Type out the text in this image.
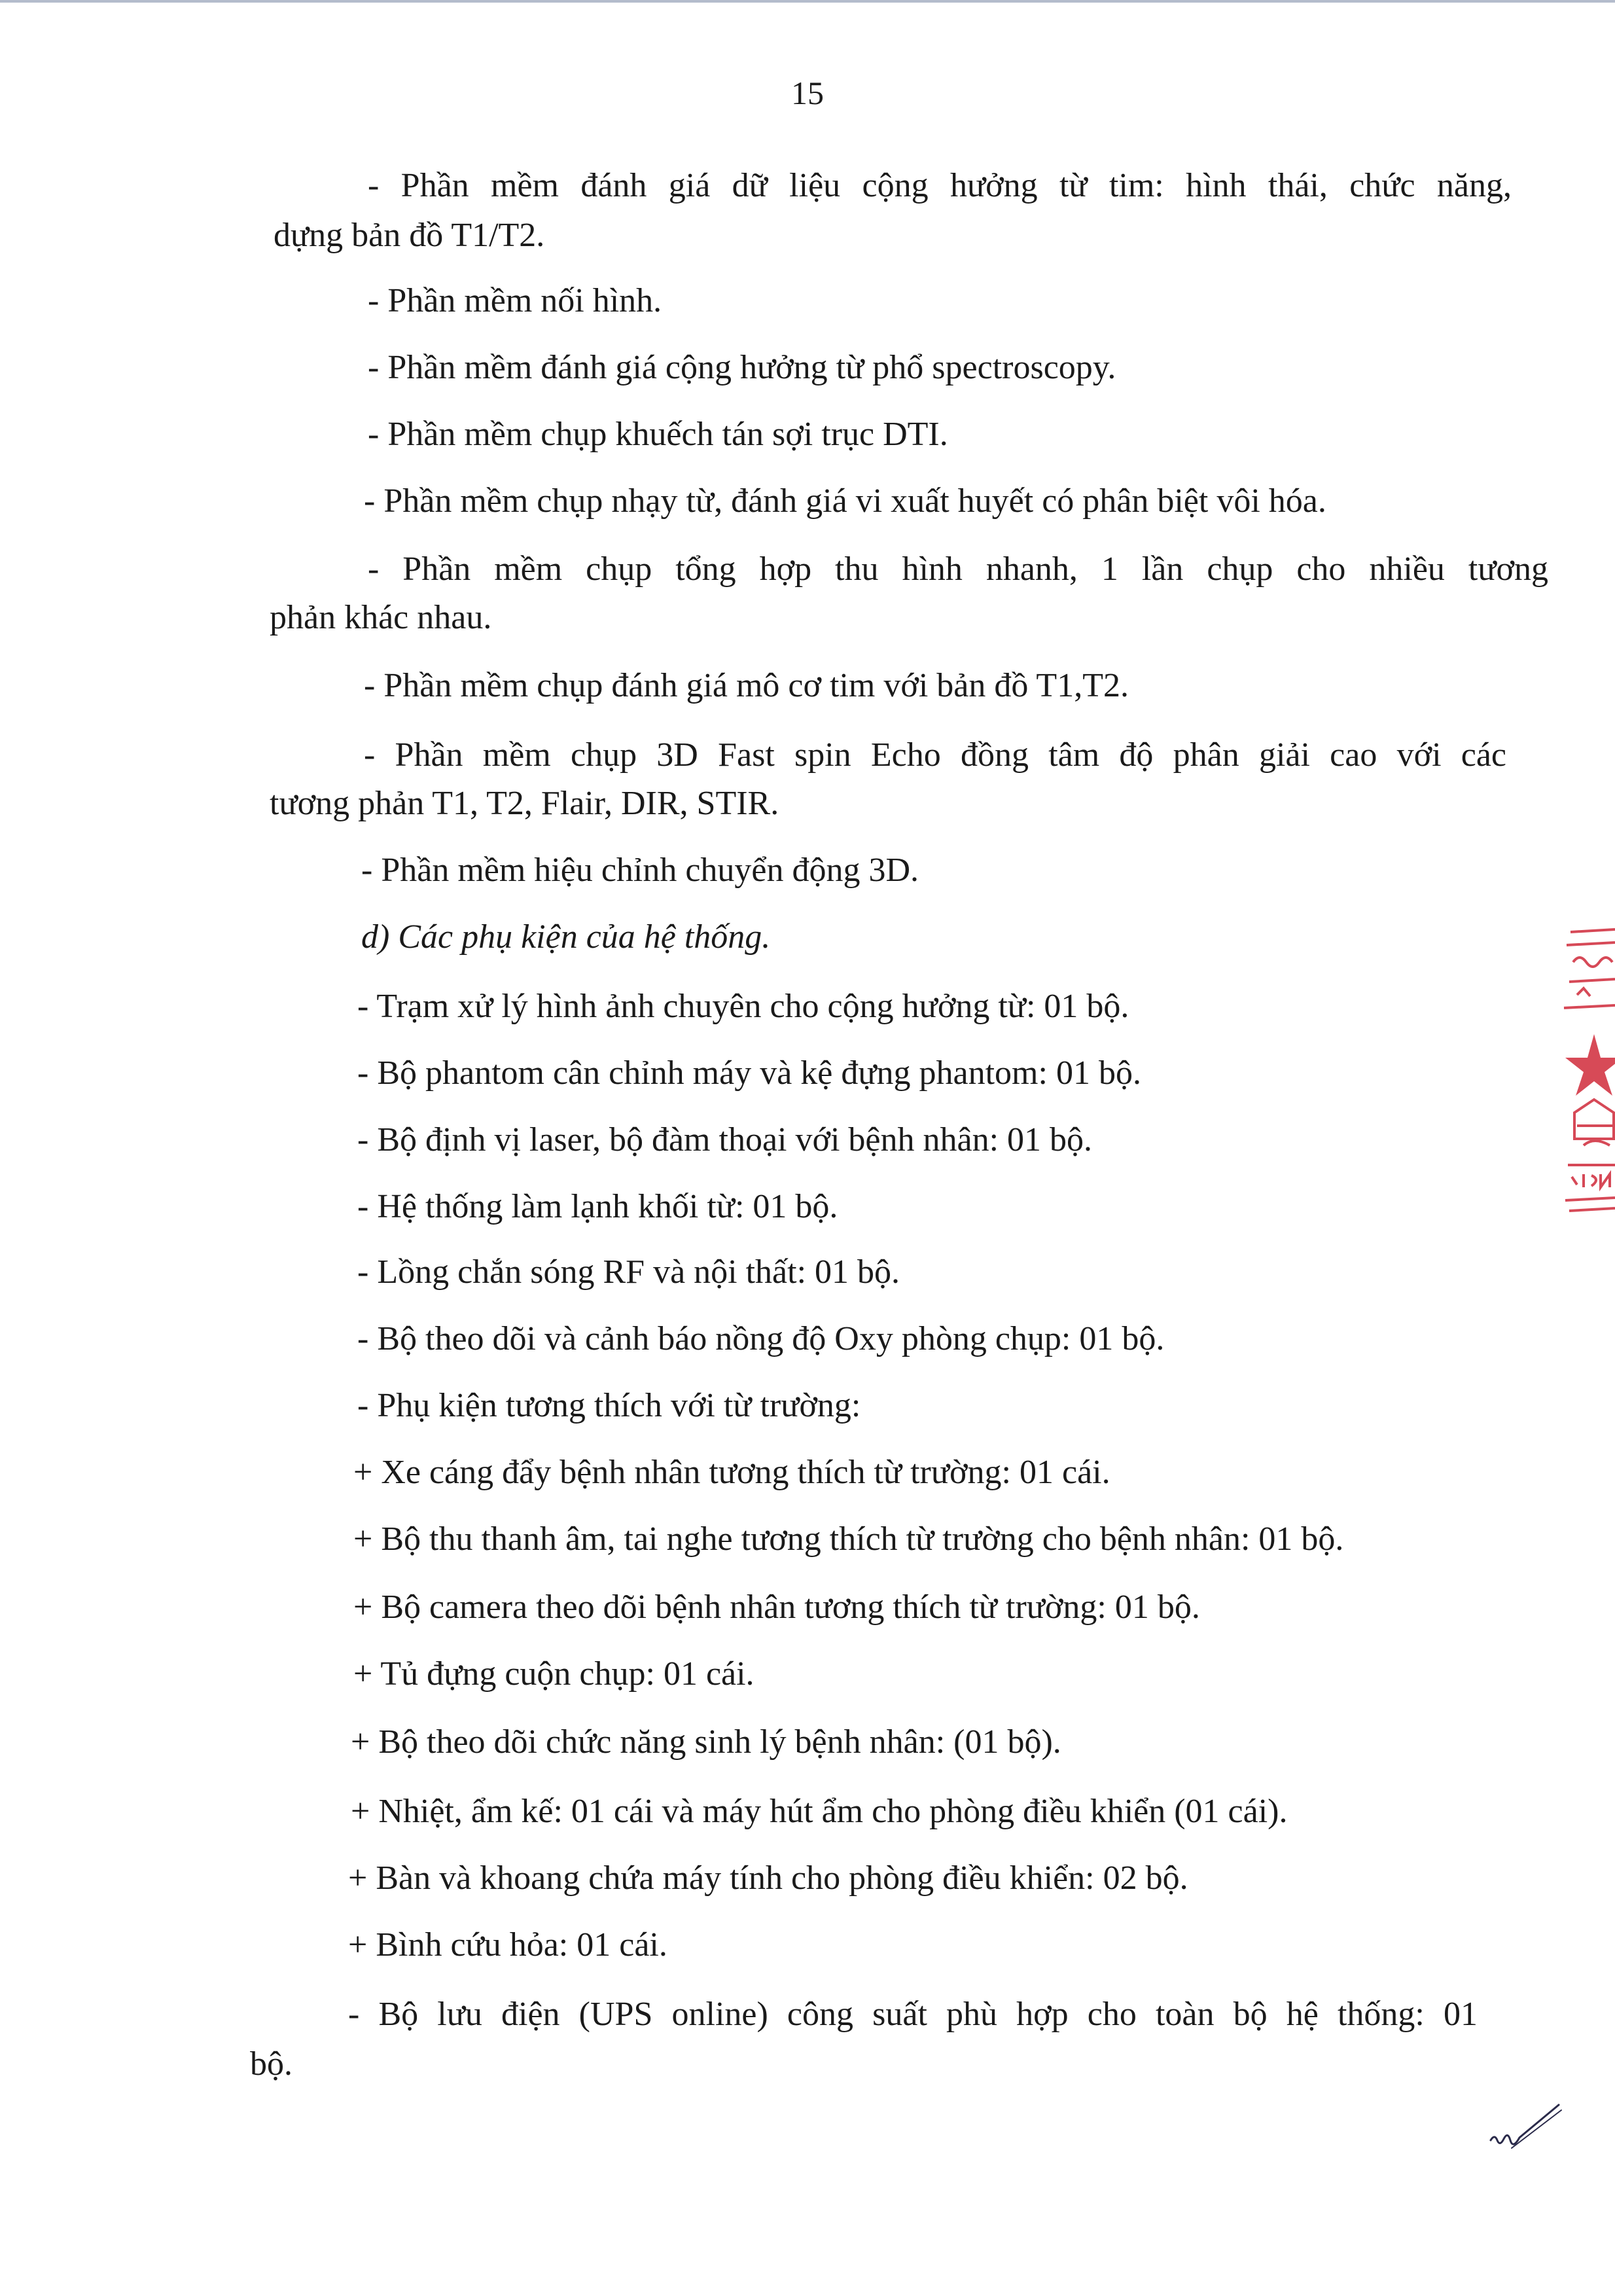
15
- Phần mềm đánh giá dữ liệu cộng hưởng từ tim: hình thái, chức năng,
dựng bản đồ T1/T2.
- Phần mềm nối hình.
- Phần mềm đánh giá cộng hưởng từ phổ spectroscopy.
- Phần mềm chụp khuếch tán sợi trục DTI.
- Phần mềm chụp nhạy từ, đánh giá vi xuất huyết có phân biệt vôi hóa.
- Phần mềm chụp tổng hợp thu hình nhanh, 1 lần chụp cho nhiều tương
phản khác nhau.
- Phần mềm chụp đánh giá mô cơ tim với bản đồ T1,T2.
- Phần mềm chụp 3D Fast spin Echo đồng tâm độ phân giải cao với các
tương phản T1, T2, Flair, DIR, STIR.
- Phần mềm hiệu chỉnh chuyển động 3D.
d) Các phụ kiện của hệ thống.
- Trạm xử lý hình ảnh chuyên cho cộng hưởng từ: 01 bộ.
- Bộ phantom cân chỉnh máy và kệ đựng phantom: 01 bộ.
- Bộ định vị laser, bộ đàm thoại với bệnh nhân: 01 bộ.
- Hệ thống làm lạnh khối từ: 01 bộ.
- Lồng chắn sóng RF và nội thất: 01 bộ.
- Bộ theo dõi và cảnh báo nồng độ Oxy phòng chụp: 01 bộ.
- Phụ kiện tương thích với từ trường:
+ Xe cáng đẩy bệnh nhân tương thích từ trường: 01 cái.
+ Bộ thu thanh âm, tai nghe tương thích từ trường cho bệnh nhân: 01 bộ.
+ Bộ camera theo dõi bệnh nhân tương thích từ trường: 01 bộ.
+ Tủ đựng cuộn chụp: 01 cái.
+ Bộ theo dõi chức năng sinh lý bệnh nhân: (01 bộ).
+ Nhiệt, ẩm kế: 01 cái và máy hút ẩm cho phòng điều khiển (01 cái).
+ Bàn và khoang chứa máy tính cho phòng điều khiển: 02 bộ.
+ Bình cứu hỏa: 01 cái.
- Bộ lưu điện (UPS online) công suất phù hợp cho toàn bộ hệ thống: 01
bộ.
